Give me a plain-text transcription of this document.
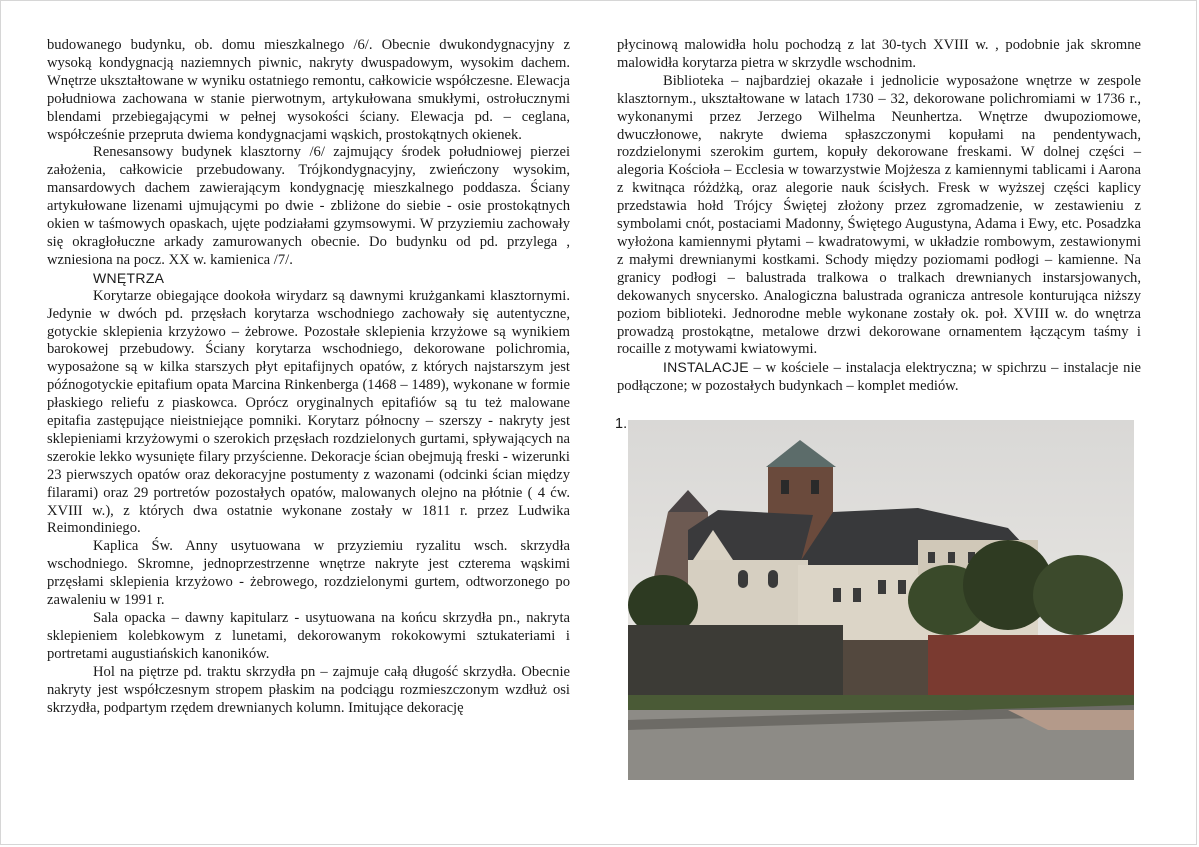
budowanego budynku, ob. domu mieszkalnego /6/. Obecnie dwukondygnacyjny z wysoką kondygnacją naziemnych piwnic, nakryty dwuspadowym, wysokim dachem. Wnętrze ukształtowane w wyniku ostatniego remontu, całkowicie współczesne. Elewacja południowa zachowana w stanie pierwotnym, artykułowana smukłymi, ostrołucznymi blendami przebiegającymi w pełnej wysokości ściany. Elewacja pd. – ceglana, współcześnie przepruta dwiema kondygnacjami wąskich, prostokątnych okienek.

Renesansowy budynek klasztorny /6/ zajmujący środek południowej pierzei założenia, całkowicie przebudowany. Trójkondygnacyjny, zwieńczony wysokim, mansardowych dachem zawierającym kondygnację mieszkalnego poddasza. Ściany artykułowane lizenami ujmującymi po dwie - zbliżone do siebie - osie prostokątnych okien w taśmowych opaskach, ujęte podziałami gzymsowymi. W przyziemiu zachowały się okragłołuczne arkady zamurowanych obecnie. Do budynku od pd. przylega , wzniesiona na pocz. XX w. kamienica /7/.

WNĘTRZA

Korytarze obiegające dookoła wirydarz są dawnymi krużgankami klasztornymi. Jedynie w dwóch pd. przęsłach korytarza wschodniego zachowały się autentyczne, gotyckie sklepienia krzyżowo – żebrowe. Pozostałe sklepienia krzyżowe są wynikiem barokowej przebudowy. Ściany korytarza wschodniego, dekorowane polichromia, wyposażone są w kilka starszych płyt epitafijnych opatów, z których najstarszym jest późnogotyckie epitafium opata Marcina Rinkenberga (1468 – 1489), wykonane w formie płaskiego reliefu z piaskowca. Oprócz oryginalnych epitafiów są tu też malowane epitafia zastępujące nieistniejące pomniki. Korytarz północny – szerszy - nakryty jest sklepieniami krzyżowymi o szerokich przęsłach rozdzielonych gurtami, spływających na szerokie lekko wysunięte filary przyścienne. Dekoracje ścian obejmują freski - wizerunki 23 pierwszych opatów oraz dekoracyjne postumenty z wazonami (odcinki ścian między filarami) oraz 29 portretów pozostałych opatów, malowanych olejno na płótnie ( 4 ćw. XVIII w.), z których dwa ostatnie wykonane zostały w 1811 r. przez Ludwika Reimondiniego.

Kaplica Św. Anny usytuowana w przyziemiu ryzalitu wsch. skrzydła wschodniego. Skromne, jednoprzestrzenne wnętrze nakryte jest czterema wąskimi przęsłami sklepienia krzyżowo - żebrowego, rozdzielonymi gurtem, odtworzonego po zawaleniu w 1991 r.

Sala opacka – dawny kapitularz - usytuowana na końcu skrzydła pn., nakryta sklepieniem kolebkowym z lunetami, dekorowanym rokokowymi sztukateriami i portretami augustiańskich kanoników.

Hol na piętrze pd. traktu skrzydła pn – zajmuje całą długość skrzydła. Obecnie nakryty jest współczesnym stropem płaskim na podciągu rozmieszczonym wzdłuż osi skrzydła, podpartym rzędem drewnianych kolumn. Imitujące dekorację

płycinową malowidła holu pochodzą z lat 30-tych XVIII w. , podobnie jak skromne malowidła korytarza pietra w skrzydle wschodnim.

Biblioteka – najbardziej okazałe i jednolicie wyposażone wnętrze w zespole klasztornym., ukształtowane w latach 1730 – 32, dekorowane polichromiami w 1736 r., wykonanymi przez Jerzego Wilhelma Neunhertza. Wnętrze dwupoziomowe, dwuczłonowe, nakryte dwiema spłaszczonymi kopułami na pendentywach, rozdzielonymi szerokim gurtem, kopuły dekorowane freskami. W dolnej części – alegoria Kościoła – Ecclesia w towarzystwie Mojżesza z kamiennymi tablicami i Aarona z kwitnąca różdżką, oraz alegorie nauk ścisłych. Fresk w wyższej części kaplicy przedstawia hołd Trójcy Świętej złożony przez zgromadzenie, w zestawieniu z symbolami cnót, postaciami Madonny, Świętego Augustyna, Adama i Ewy, etc. Posadzka wyłożona kamiennymi płytami – kwadratowymi, w układzie rombowym, zestawionymi z małymi drewnianymi kostkami. Schody między poziomami podłogi – kamienne. Na granicy podłogi – balustrada tralkowa o tralkach drewnianych instarsjowanych, dekowanych snycersko. Analogiczna balustrada ogranicza antresole konturująca niższy poziom biblioteki. Jednorodne meble wykonane zostały ok. poł. XVIII w. do wnętrza prowadzą prostokątne, metalowe drzwi dekorowane ornamentem łączącym taśmy i rocaille z motywami kwiatowymi.

INSTALACJE – w kościele – instalacja elektryczna; w spichrzu – instalacje nie podłączone; w pozostałych budynkach – komplet mediów.

1.
